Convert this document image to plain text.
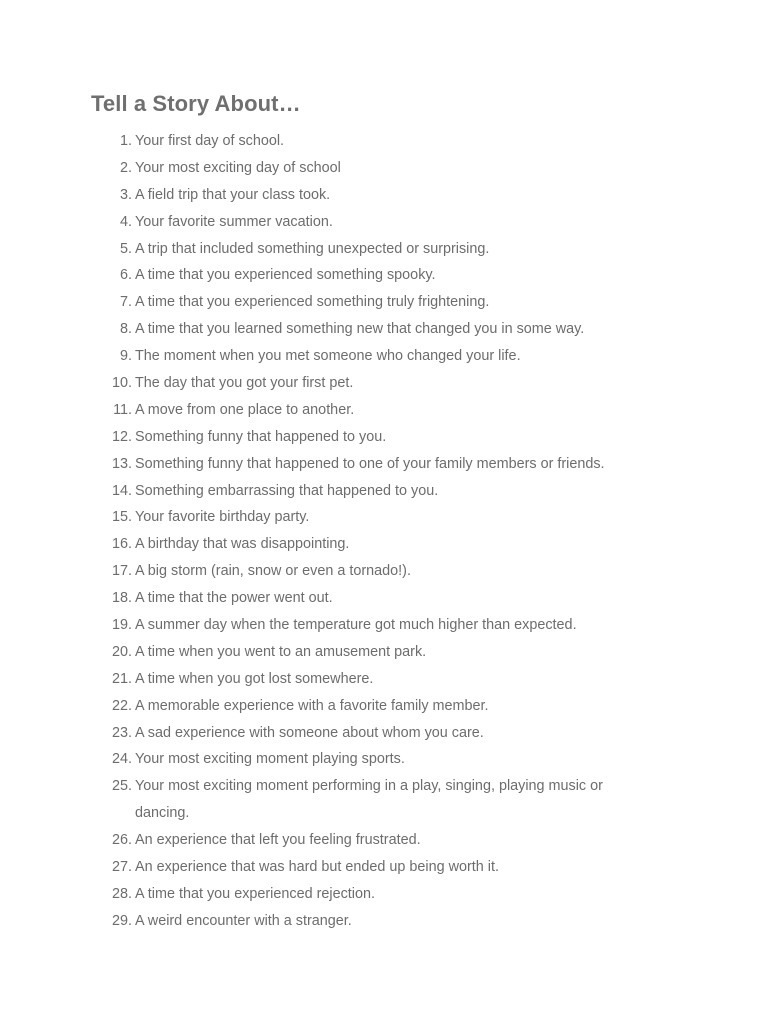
Tell a Story About…
1. Your first day of school.
2. Your most exciting day of school
3. A field trip that your class took.
4. Your favorite summer vacation.
5. A trip that included something unexpected or surprising.
6. A time that you experienced something spooky.
7. A time that you experienced something truly frightening.
8. A time that you learned something new that changed you in some way.
9. The moment when you met someone who changed your life.
10. The day that you got your first pet.
11. A move from one place to another.
12. Something funny that happened to you.
13. Something funny that happened to one of your family members or friends.
14. Something embarrassing that happened to you.
15. Your favorite birthday party.
16. A birthday that was disappointing.
17. A big storm (rain, snow or even a tornado!).
18. A time that the power went out.
19. A summer day when the temperature got much higher than expected.
20. A time when you went to an amusement park.
21. A time when you got lost somewhere.
22. A memorable experience with a favorite family member.
23. A sad experience with someone about whom you care.
24. Your most exciting moment playing sports.
25. Your most exciting moment performing in a play, singing, playing music or dancing.
26. An experience that left you feeling frustrated.
27. An experience that was hard but ended up being worth it.
28. A time that you experienced rejection.
29. A weird encounter with a stranger.
